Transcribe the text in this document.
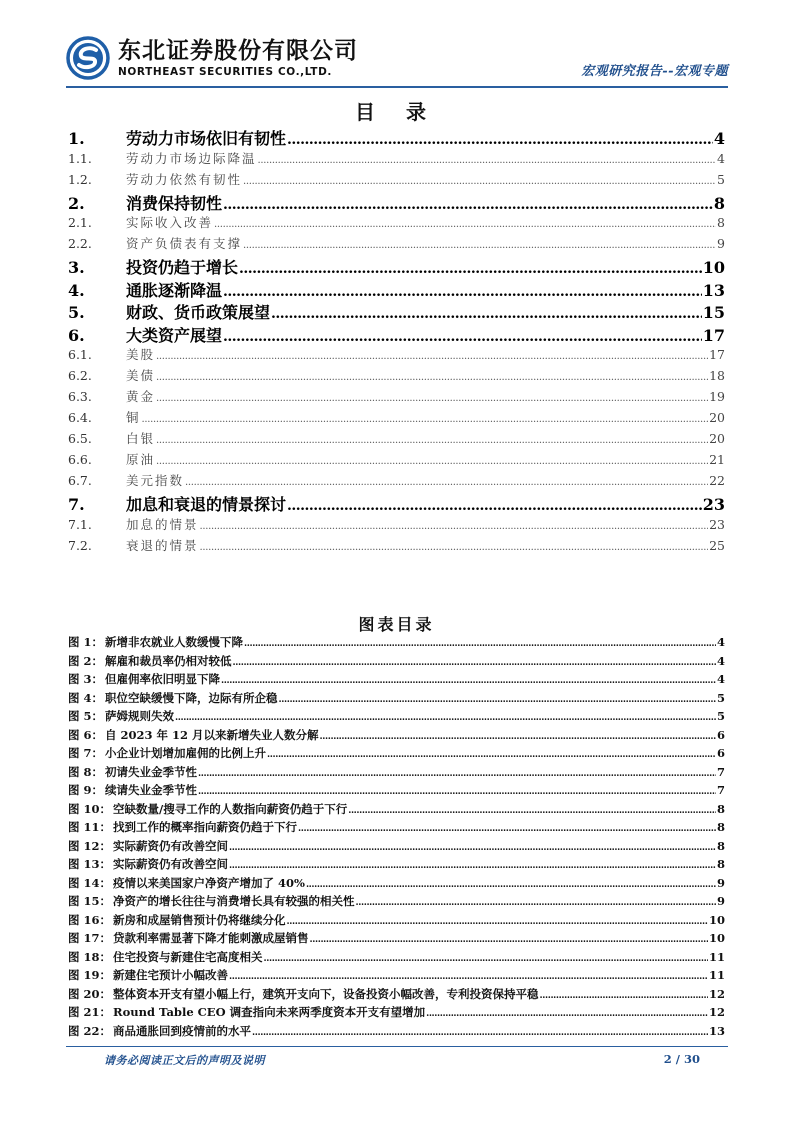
东北证券股份有限公司
NORTHEAST SECURITIES CO.,LTD.	宏观研究报告--宏观专题
目 录
1.	劳动力市场依旧有韧性 .....	4
1.1.	劳动力市场边际降温 .....	4
1.2.	劳动力依然有韧性 .....	5
2.	消费保持韧性 .....	8
2.1.	实际收入改善 .....	8
2.2.	资产负债表有支撑 .....	9
3.	投资仍趋于增长 .....	10
4.	通胀逐渐降温 .....	13
5.	财政、货币政策展望 .....	15
6.	大类资产展望 .....	17
6.1.	美股 .....	17
6.2.	美债 .....	18
6.3.	黄金 .....	19
6.4.	铜 .....	20
6.5.	白银 .....	20
6.6.	原油 .....	21
6.7.	美元指数 .....	22
7.	加息和衰退的情景探讨 .....	23
7.1.	加息的情景 .....	23
7.2.	衰退的情景 .....	25
图表目录
图 1： 新增非农就业人数缓慢下降 .....	4
图 2： 解雇和裁员率仍相对较低 .....	4
图 3： 但雇佣率依旧明显下降 .....	4
图 4： 职位空缺缓慢下降，边际有所企稳 .....	5
图 5： 萨姆规则失效 .....	5
图 6： 自 2023 年 12 月以来新增失业人数分解 .....	6
图 7： 小企业计划增加雇佣的比例上升 .....	6
图 8： 初请失业金季节性 .....	7
图 9： 续请失业金季节性 .....	7
图 10： 空缺数量/搜寻工作的人数指向薪资仍趋于下行 .....	8
图 11： 找到工作的概率指向薪资仍趋于下行 .....	8
图 12： 实际薪资仍有改善空间 .....	8
图 13： 实际薪资仍有改善空间 .....	8
图 14： 疫情以来美国家户净资产增加了 40% .....	9
图 15： 净资产的增长往往与消费增长具有较强的相关性 .....	9
图 16： 新房和成屋销售预计仍将继续分化 .....	10
图 17： 贷款利率需显著下降才能刺激成屋销售 .....	10
图 18： 住宅投资与新建住宅高度相关 .....	11
图 19： 新建住宅预计小幅改善 .....	11
图 20： 整体资本开支有望小幅上行，建筑开支向下，设备投资小幅改善，专利投资保持平稳 .....	12
图 21： Round Table CEO 调查指向未来两季度资本开支有望增加 .....	12
图 22： 商品通胀回到疫情前的水平 .....	13
请务必阅读正文后的声明及说明	2 / 30
